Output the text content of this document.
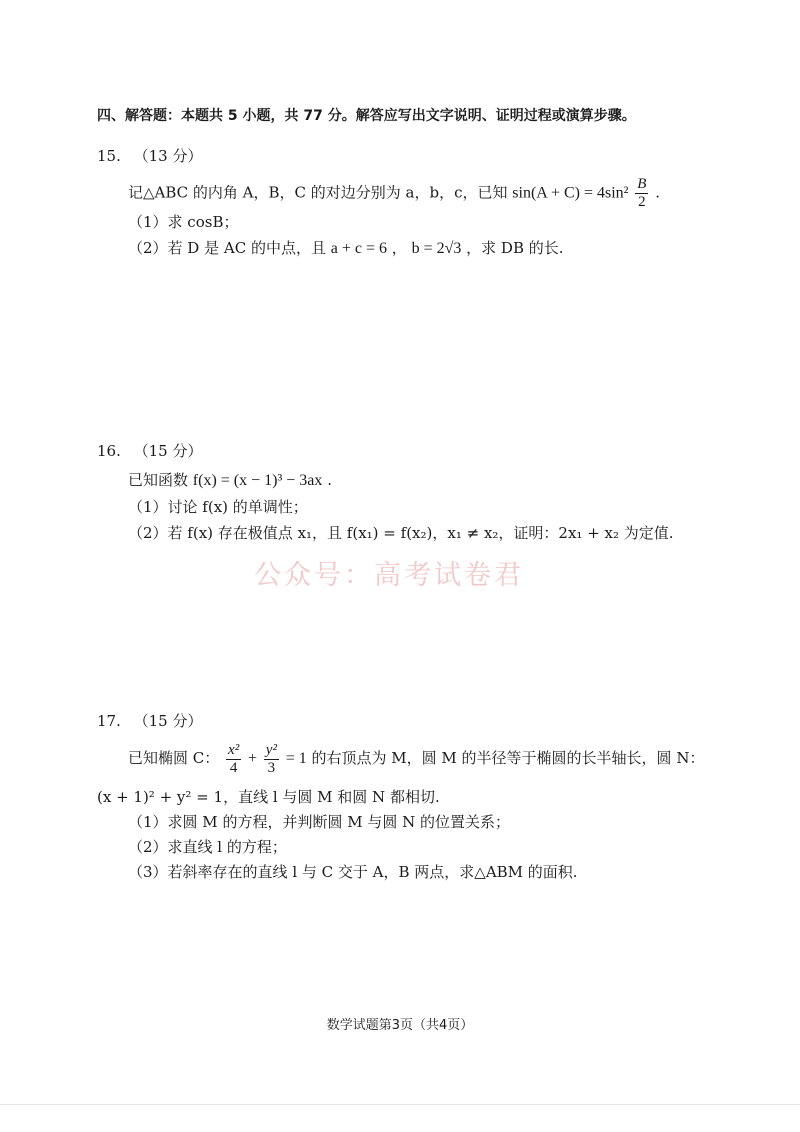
四、解答题：本题共 5 小题，共 77 分。解答应写出文字说明、证明过程或演算步骤。
15. （13 分）
记△ABC 的内角 A，B，C 的对边分别为 a，b，c，已知 $\sin(A + C) = 4\sin^2 \frac{B}{2}$ .
（1）求 cosB；
（2）若 D 是 AC 的中点，且 a + c = 6 ， b = 2√3 ，求 DB 的长.
16. （15 分）
已知函数 f(x) = (x − 1)³ − 3ax .
（1）讨论 f(x) 的单调性；
（2）若 f(x) 存在极值点 x₁，且 f(x₁) = f(x₂)，x₁ ≠ x₂，证明：2x₁ + x₂ 为定值.
公众号：高考试卷君
17. （15 分）
已知椭圆 C： $\frac{\text{x²}}{4} + \frac{\text{y²}}{3} = 1$ 的右顶点为 M，圆 M 的半径等于椭圆的长半轴长，圆 N：
(x + 1)² + y² = 1，直线 l 与圆 M 和圆 N 都相切.
（1）求圆 M 的方程，并判断圆 M 与圆 N 的位置关系；
（2）求直线 l 的方程；
（3）若斜率存在的直线 l 与 C 交于 A，B 两点，求△ABM 的面积.
数学试题第3页（共4页）
